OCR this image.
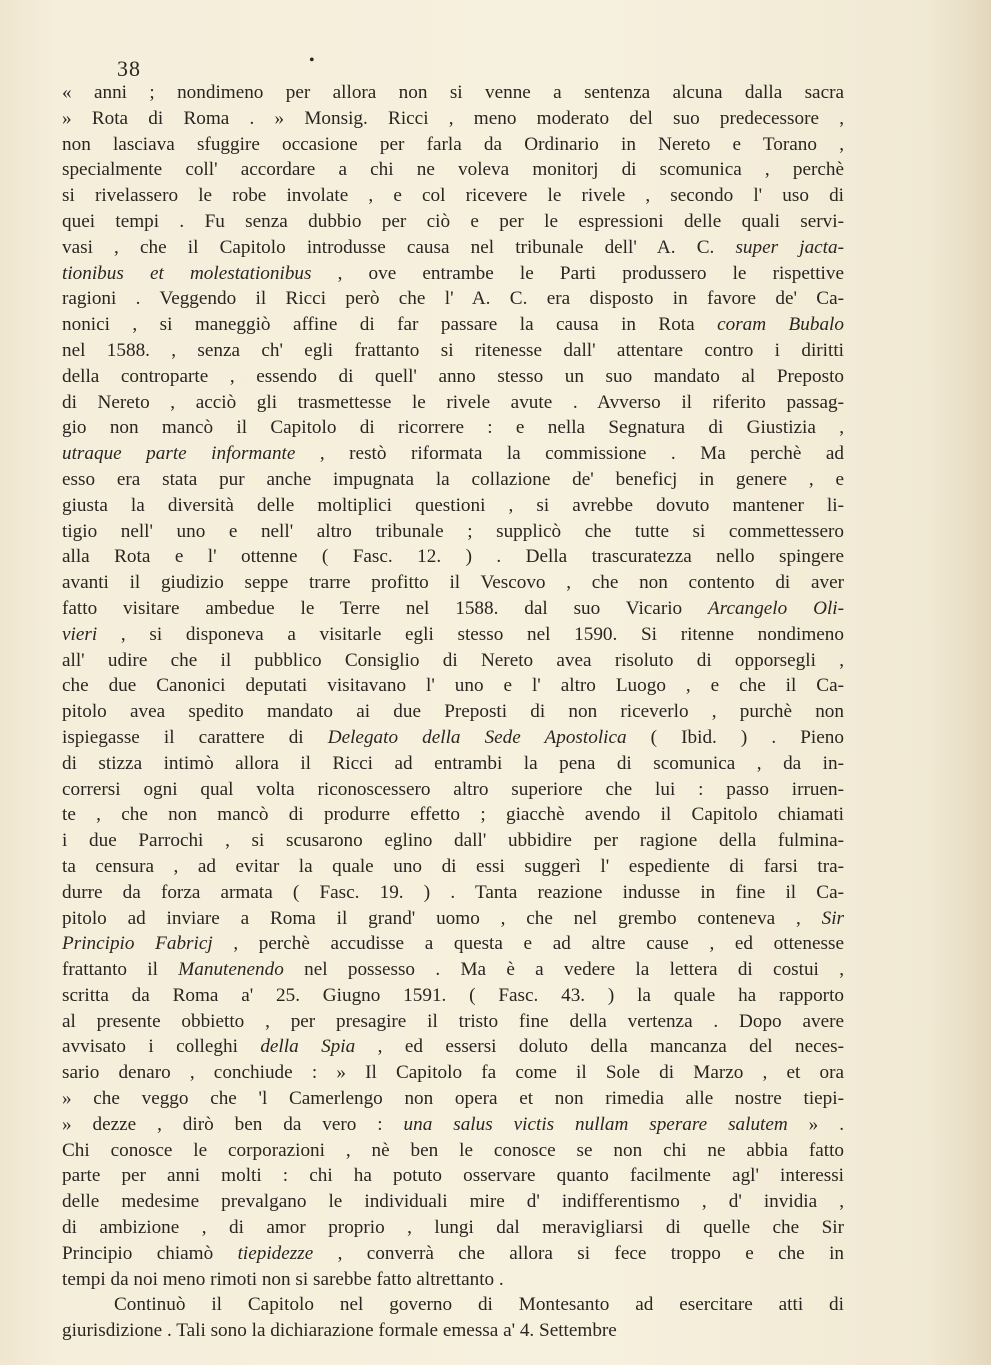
38	•
« anni ; nondimeno per allora non si venne a sentenza alcuna dalla sacra
» Rota di Roma . » Monsig. Ricci , meno moderato del suo predecessore ,
non lasciava sfuggire occasione per farla da Ordinario in Nereto e Torano ,
specialmente coll' accordare a chi ne voleva monitorj di scomunica , perchè
si rivelassero le robe involate , e col ricevere le rivele , secondo l' uso di
quei tempi . Fu senza dubbio per ciò e per le espressioni delle quali servi-
vasi , che il Capitolo introdusse causa nel tribunale dell' A. C. super jacta-
tionibus et molestationibus , ove entrambe le Parti produssero le rispettive
ragioni . Veggendo il Ricci però che l' A. C. era disposto in favore de' Ca-
nonici , si maneggiò affine di far passare la causa in Rota coram Bubalo
nel 1588. , senza ch' egli frattanto si ritenesse dall' attentare contro i diritti
della controparte , essendo di quell' anno stesso un suo mandato al Preposto
di Nereto , acciò gli trasmettesse le rivele avute . Avverso il riferito passag-
gio non mancò il Capitolo di ricorrere : e nella Segnatura di Giustizia ,
utraque parte informante , restò riformata la commissione . Ma perchè ad
esso era stata pur anche impugnata la collazione de' beneficj in genere , e
giusta la diversità delle moltiplici questioni , si avrebbe dovuto mantener li-
tigio nell' uno e nell' altro tribunale ; supplicò che tutte si commettessero
alla Rota e l' ottenne ( Fasc. 12. ) . Della trascuratezza nello spingere
avanti il giudizio seppe trarre profitto il Vescovo , che non contento di aver
fatto visitare ambedue le Terre nel 1588. dal suo Vicario Arcangelo Oli-
vieri , si disponeva a visitarle egli stesso nel 1590. Si ritenne nondimeno
all' udire che il pubblico Consiglio di Nereto avea risoluto di opporsegli ,
che due Canonici deputati visitavano l' uno e l' altro Luogo , e che il Ca-
pitolo avea spedito mandato ai due Preposti di non riceverlo , purchè non
ispiegasse il carattere di Delegato della Sede Apostolica ( Ibid. ) . Pieno
di stizza intimò allora il Ricci ad entrambi la pena di scomunica , da in-
corrersi ogni qual volta riconoscessero altro superiore che lui : passo irruen-
te , che non mancò di produrre effetto ; giacchè avendo il Capitolo chiamati
i due Parrochi , si scusarono eglino dall' ubbidire per ragione della fulmina-
ta censura , ad evitar la quale uno di essi suggerì l' espediente di farsi tra-
durre da forza armata ( Fasc. 19. ) . Tanta reazione indusse in fine il Ca-
pitolo ad inviare a Roma il grand' uomo , che nel grembo conteneva , Sir
Principio Fabricj , perchè accudisse a questa e ad altre cause , ed ottenesse
frattanto il Manutenendo nel possesso . Ma è a vedere la lettera di costui ,
scritta da Roma a' 25. Giugno 1591. ( Fasc. 43. ) la quale ha rapporto
al presente obbietto , per presagire il tristo fine della vertenza . Dopo avere
avvisato i colleghi della Spia , ed essersi doluto della mancanza del neces-
sario denaro , conchiude : » Il Capitolo fa come il Sole di Marzo , et ora
» che veggo che 'l Camerlengo non opera et non rimedia alle nostre tiepi-
» dezze , dirò ben da vero : una salus victis nullam sperare salutem » .
Chi conosce le corporazioni , nè ben le conosce se non chi ne abbia fatto
parte per anni molti : chi ha potuto osservare quanto facilmente agl' interessi
delle medesime prevalgano le individuali mire d' indifferentismo , d' invidia ,
di ambizione , di amor proprio , lungi dal meravigliarsi di quelle che Sir
Principio chiamò tiepidezze , converrà che allora si fece troppo e che in
tempi da noi meno rimoti non si sarebbe fatto altrettanto .
Continuò il Capitolo nel governo di Montesanto ad esercitare atti di
giurisdizione . Tali sono la dichiarazione formale emessa a' 4. Settembre
